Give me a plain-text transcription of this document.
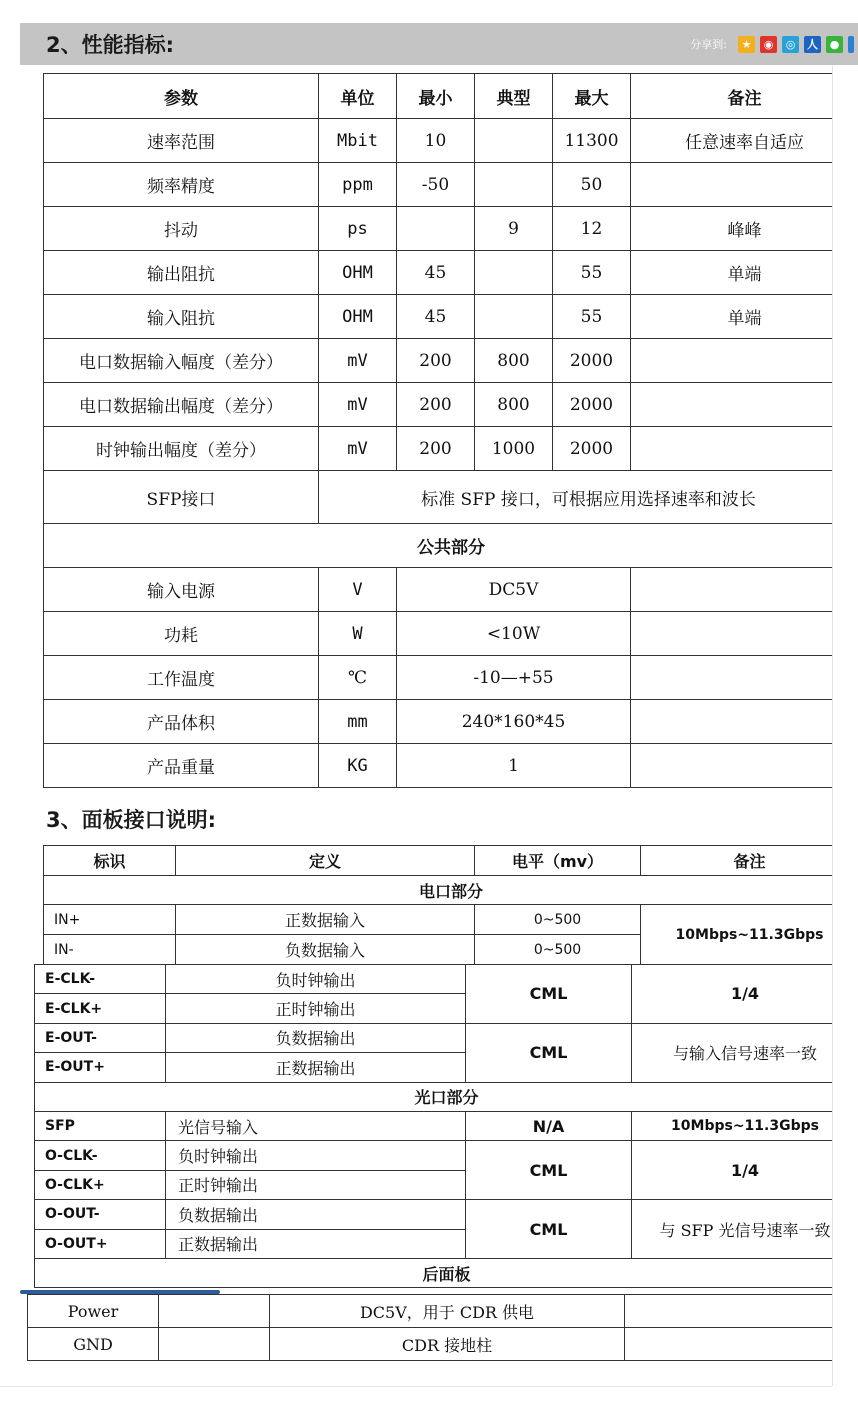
2、性能指标:	分享到:	★	◉	◎	人	●
参数	单位	最小	典型	最大	备注
速率范围	Mbit	10		11300	任意速率自适应
频率精度	ppm	-50		50	
抖动	ps		9	12	峰峰
输出阻抗	OHM	45		55	单端
输入阻抗	OHM	45		55	单端
电口数据输入幅度（差分）	mV	200	800	2000	
电口数据输出幅度（差分）	mV	200	800	2000	
时钟输出幅度（差分）	mV	200	1000	2000	
SFP接口	标准 SFP 接口，可根据应用选择速率和波长				
公共部分					
输入电源	V	DC5V			
功耗	W	<10W			
工作温度	℃	-10—+55			
产品体积	mm	240*160*45			
产品重量	KG	1			
3、面板接口说明:
标识	定义	电平（mv）	备注
电口部分			
IN+	正数据输入	0~500	10Mbps~11.3Gbps
IN-	负数据输入	0~500	
E-CLK-	负时钟输出	CML	1/4
E-CLK+	正时钟输出		
E-OUT-	负数据输出	CML	与输入信号速率一致
E-OUT+	正数据输出		
光口部分			
SFP	光信号输入	N/A	10Mbps~11.3Gbps
O-CLK-	负时钟输出	CML	1/4
O-CLK+	正时钟输出		
O-OUT-	负数据输出	CML	与 SFP 光信号速率一致
O-OUT+	正数据输出		
后面板			
Power		DC5V，用于 CDR 供电	
GND		CDR 接地柱	
